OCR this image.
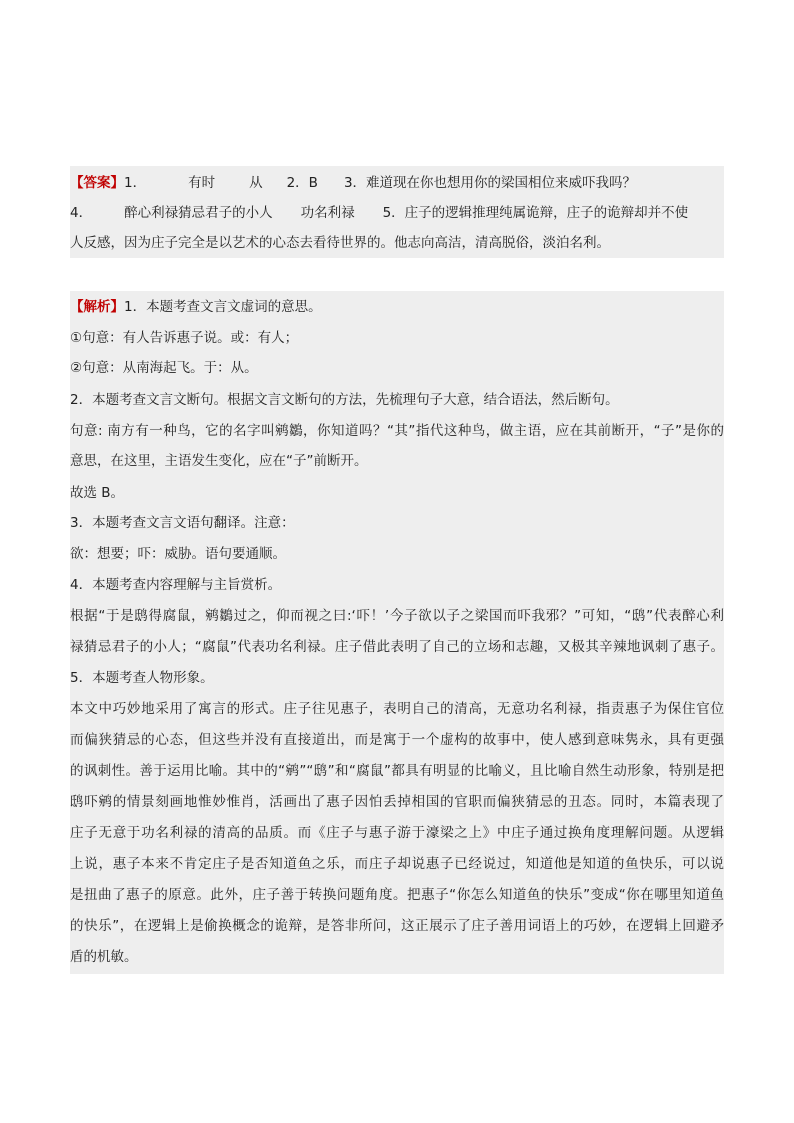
【答案】1．	有时	从 2．B 3．难道现在你也想用你的梁国相位来威吓我吗？
4． 醉心利禄猜忌君子的小人 功名利禄 5．庄子的逻辑推理纯属诡辩，庄子的诡辩却并不使
人反感，因为庄子完全是以艺术的心态去看待世界的。他志向高洁，清高脱俗，淡泊名利。
【解析】1．本题考查文言文虚词的意思。
①句意：有人告诉惠子说。或：有人；
②句意：从南海起飞。于：从。
2．本题考查文言文断句。根据文言文断句的方法，先梳理句子大意，结合语法，然后断句。
句意: 南方有一种鸟，它的名字叫鹓鶵，你知道吗？“其”指代这种鸟，做主语，应在其前断开，“子”是你的
意思，在这里，主语发生变化，应在“子”前断开。
故选 B。
3．本题考查文言文语句翻译。注意：
欲：想要；吓：威胁。语句要通顺。
4．本题考查内容理解与主旨赏析。
根据“于是鸱得腐鼠，鹓鶵过之，仰而视之曰:‘吓！’今子欲以子之梁国而吓我邪？”可知，“鸱”代表醉心利
禄猜忌君子的小人；“腐鼠”代表功名利禄。庄子借此表明了自己的立场和志趣，又极其辛辣地讽刺了惠子。
5．本题考查人物形象。
本文中巧妙地采用了寓言的形式。庄子往见惠子，表明自己的清高，无意功名利禄，指责惠子为保住官位
而偏狭猜忌的心态，但这些并没有直接道出，而是寓于一个虚构的故事中，使人感到意味隽永，具有更强
的讽刺性。善于运用比喻。其中的“鹓”“鸱”和“腐鼠”都具有明显的比喻义，且比喻自然生动形象，特别是把
鸱吓鹓的情景刻画地惟妙惟肖，活画出了惠子因怕丢掉相国的官职而偏狭猜忌的丑态。同时，本篇表现了
庄子无意于功名利禄的清高的品质。而《庄子与惠子游于濠梁之上》中庄子通过换角度理解问题。从逻辑
上说，惠子本来不肯定庄子是否知道鱼之乐，而庄子却说惠子已经说过，知道他是知道的鱼快乐，可以说
是扭曲了惠子的原意。此外，庄子善于转换问题角度。把惠子“你怎么知道鱼的快乐”变成“你在哪里知道鱼
的快乐”，在逻辑上是偷换概念的诡辩，是答非所问，这正展示了庄子善用词语上的巧妙，在逻辑上回避矛
盾的机敏。
